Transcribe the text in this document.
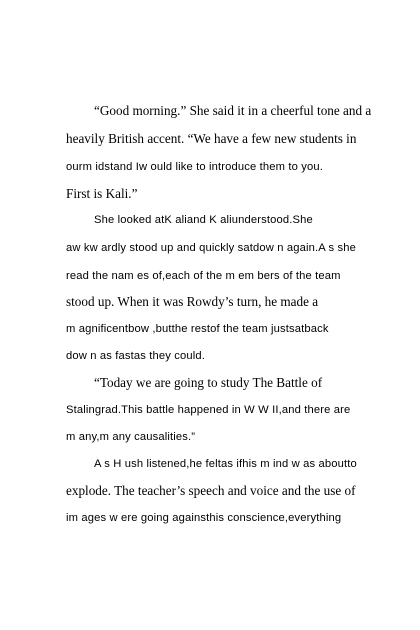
“Good morning.” She said it in a cheerful tone and a
heavily British accent. “We have a few new students in
ourm idstand Iw ould like to introduce them to you.
First is Kali.”
She looked atK aliand K aliunderstood.She
aw kw ardly stood up and quickly satdow n again.A s she
read the nam es of,each of the m em bers of the team
stood up. When it was Rowdy’s turn, he made a
m agnificentbow ,butthe restof the team justsatback
dow n as fastas they could.
“Today we are going to study The Battle of
Stalingrad.This battle happened in W W II,and there are
m any,m any causalities.”
A s H ush listened,he feltas ifhis m ind w as aboutto
explode. The teacher’s speech and voice and the use of
im ages w ere going againsthis conscience,everything
